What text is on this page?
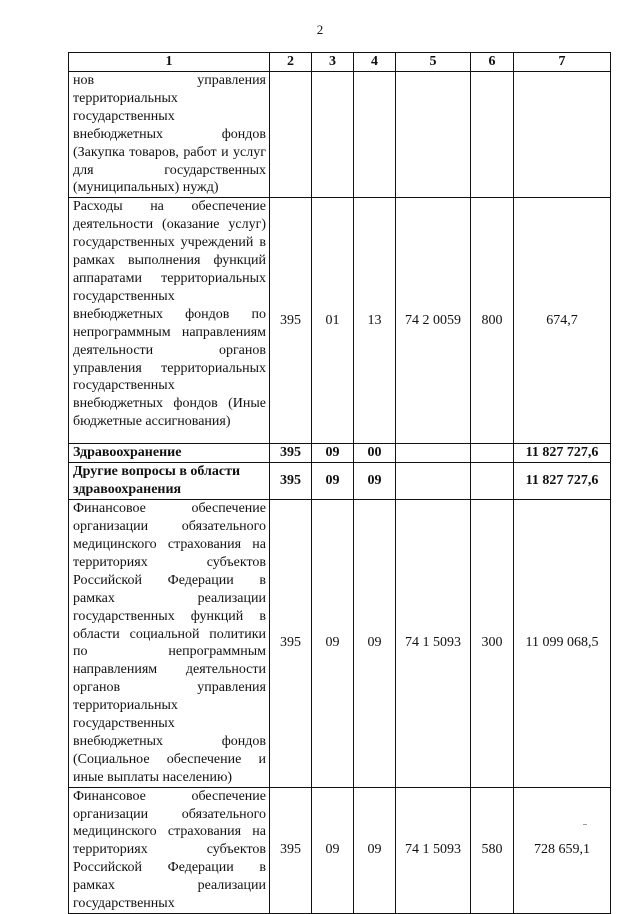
2
1	2	3	4	5	6	7
нов управления территориальных государственных внебюджетных фондов (Закупка товаров, работ и услуг для государственных (муниципальных) нужд)						
Расходы на обеспечение деятельности (оказание услуг) государственных учреждений в рамках выполнения функций аппаратами территориальных государственных внебюджетных фондов по непрограммным направлениям деятельности органов управления территориальных государственных внебюджетных фондов (Иные бюджетные ассигнования)	395	01	13	74 2 0059	800	674,7
Здравоохранение	395	09	00			11 827 727,6
Другие вопросы в области здравоохранения	395	09	09			11 827 727,6
Финансовое обеспечение организации обязательного медицинского страхования на территориях субъектов Российской Федерации в рамках реализации государственных функций в области социальной политики по непрограммным направлениям деятельности органов управления территориальных государственных внебюджетных фондов (Социальное обеспечение и иные выплаты населению)	395	09	09	74 1 5093	300	11 099 068,5
Финансовое обеспечение организации обязательного медицинского страхования на территориях субъектов Российской Федерации в рамках реализации государственных	395	09	09	74 1 5093	580	728 659,1
